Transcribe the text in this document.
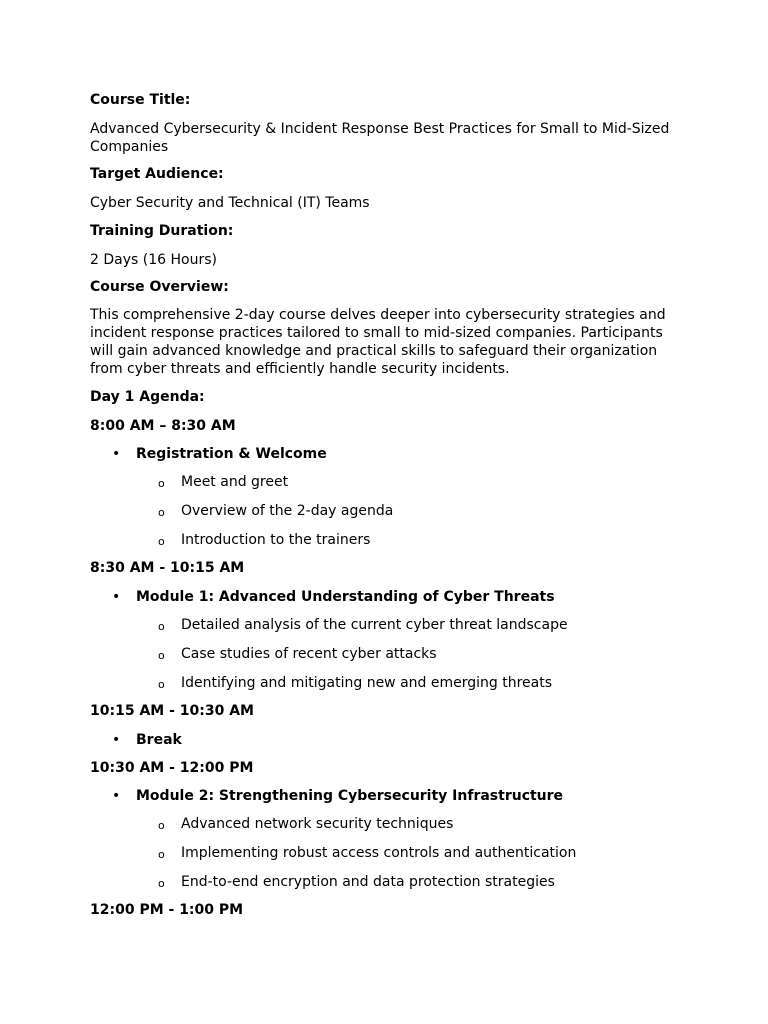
Course Title:

Advanced Cybersecurity & Incident Response Best Practices for Small to Mid-Sized Companies

Target Audience:

Cyber Security and Technical (IT) Teams

Training Duration:

2 Days (16 Hours)

Course Overview:

This comprehensive 2-day course delves deeper into cybersecurity strategies and incident response practices tailored to small to mid-sized companies. Participants will gain advanced knowledge and practical skills to safeguard their organization from cyber threats and efficiently handle security incidents.

Day 1 Agenda:

8:00 AM – 8:30 AM

• Registration & Welcome

o Meet and greet

o Overview of the 2-day agenda

o Introduction to the trainers

8:30 AM - 10:15 AM

• Module 1: Advanced Understanding of Cyber Threats

o Detailed analysis of the current cyber threat landscape

o Case studies of recent cyber attacks

o Identifying and mitigating new and emerging threats

10:15 AM - 10:30 AM

• Break

10:30 AM - 12:00 PM

• Module 2: Strengthening Cybersecurity Infrastructure

o Advanced network security techniques

o Implementing robust access controls and authentication

o End-to-end encryption and data protection strategies

12:00 PM - 1:00 PM
